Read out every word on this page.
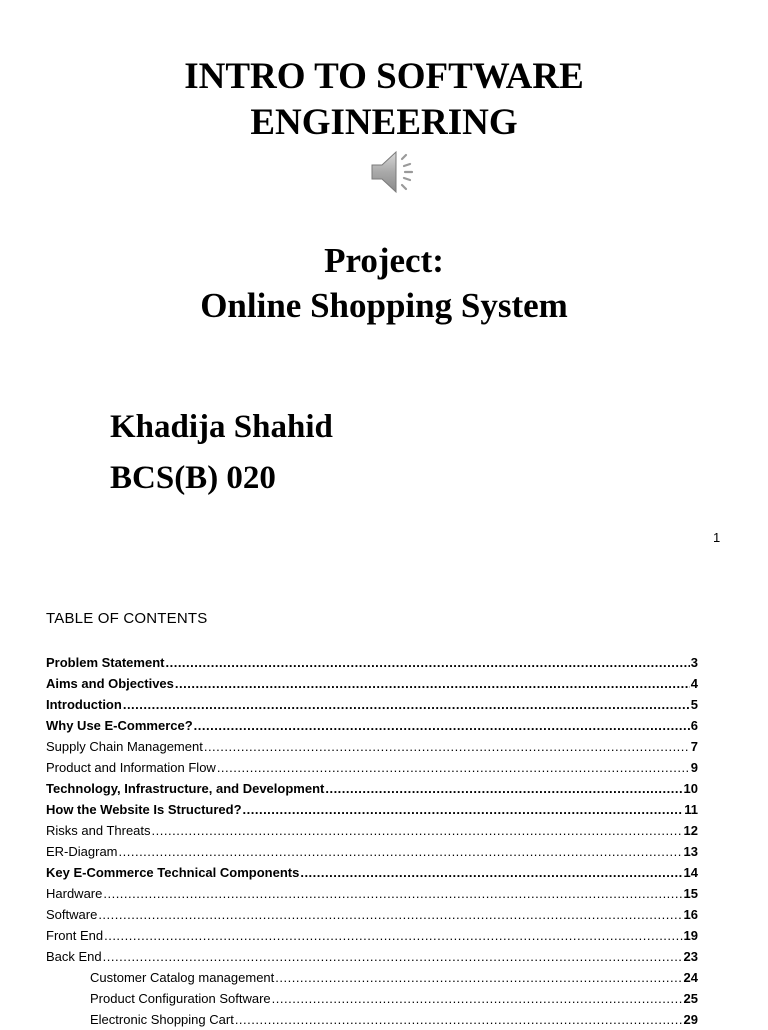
INTRO TO SOFTWARE
ENGINEERING
Project:
Online Shopping System
Khadija Shahid
BCS(B) 020
1
TABLE OF CONTENTS
Problem Statement .....	3
Aims and Objectives .....	4
Introduction .....	5
Why Use E-Commerce? .....	6
Supply Chain Management .....	7
Product and Information Flow .....	9
Technology, Infrastructure, and Development .....	10
How the Website Is Structured? .....	11
Risks and Threats .....	12
ER-Diagram .....	13
Key E-Commerce Technical Components .....	14
Hardware .....	15
Software .....	16
Front End .....	19
Back End .....	23
Customer Catalog management .....	24
Product Configuration Software .....	25
Electronic Shopping Cart .....	29
